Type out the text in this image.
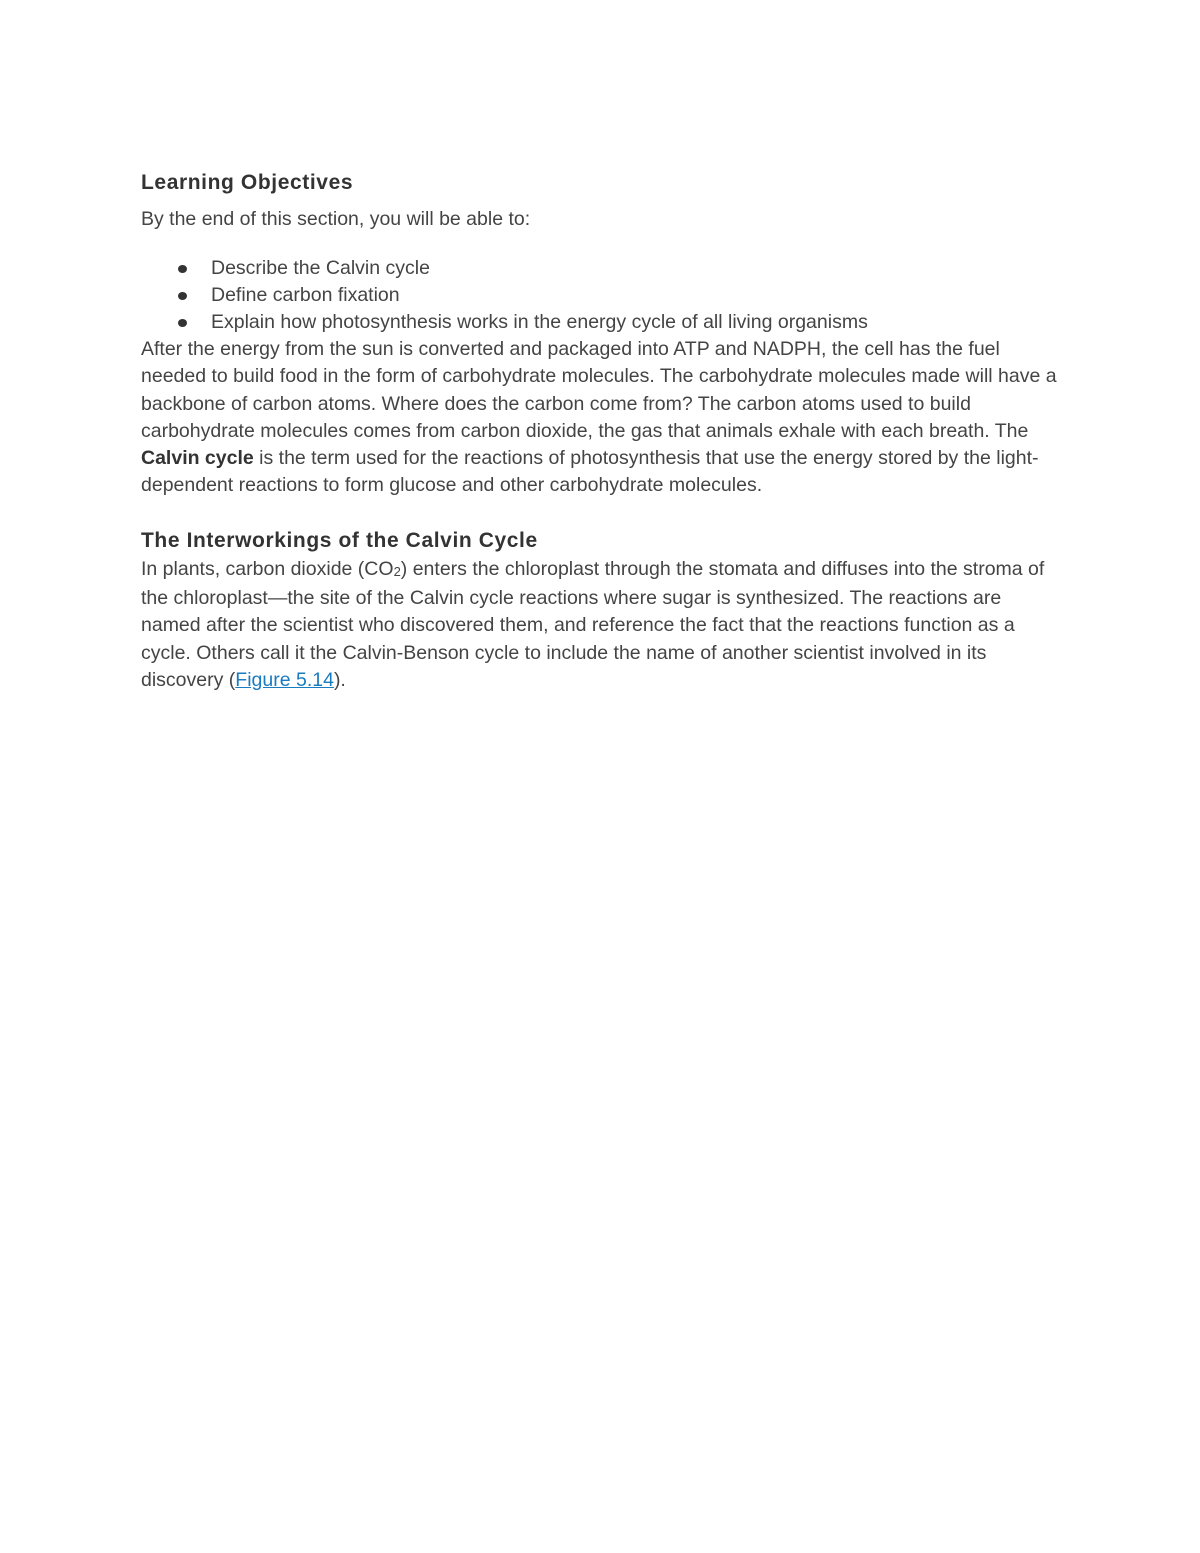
Learning Objectives

By the end of this section, you will be able to:

Describe the Calvin cycle
Define carbon fixation
Explain how photosynthesis works in the energy cycle of all living organisms

After the energy from the sun is converted and packaged into ATP and NADPH, the cell has the fuel needed to build food in the form of carbohydrate molecules. The carbohydrate molecules made will have a backbone of carbon atoms. Where does the carbon come from? The carbon atoms used to build carbohydrate molecules comes from carbon dioxide, the gas that animals exhale with each breath. The Calvin cycle is the term used for the reactions of photosynthesis that use the energy stored by the light-dependent reactions to form glucose and other carbohydrate molecules.

The Interworkings of the Calvin Cycle

In plants, carbon dioxide (CO2) enters the chloroplast through the stomata and diffuses into the stroma of the chloroplast—the site of the Calvin cycle reactions where sugar is synthesized. The reactions are named after the scientist who discovered them, and reference the fact that the reactions function as a cycle. Others call it the Calvin-Benson cycle to include the name of another scientist involved in its discovery (Figure 5.14).
